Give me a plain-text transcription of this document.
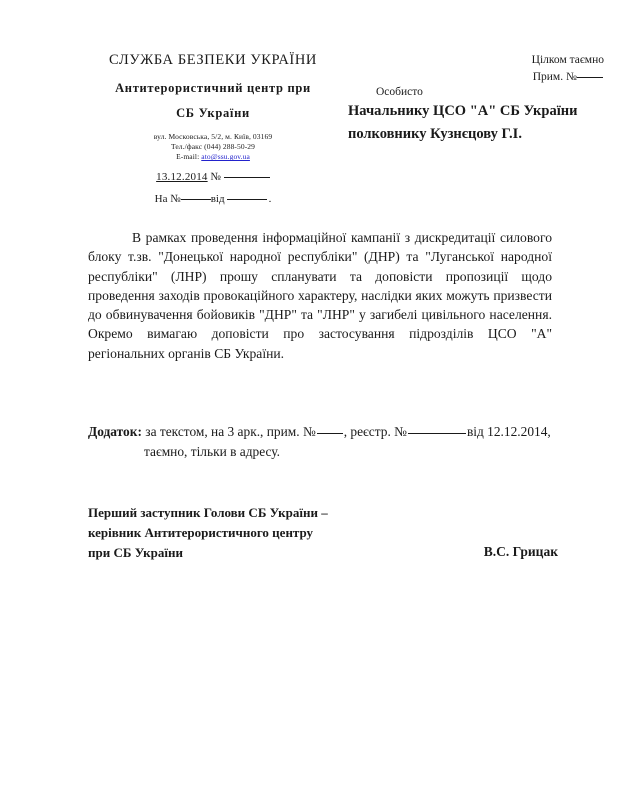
СЛУЖБА БЕЗПЕКИ УКРАЇНИ
Антитерористичний центр при
СБ України
вул. Московська, 5/2, м. Київ, 03169
Тел./факс (044) 288-50-29
E-mail: ato@ssu.gov.ua
13.12.2014 №
На №	від	.
Цілком таємно
Прим. №
Особисто
Начальнику ЦСО "А" СБ України
полковнику Кузнєцову Г.І.
В рамках проведення інформаційної кампанії з дискредитації силового блоку т.зв. "Донецької народної республіки" (ДНР) та "Луганської народної республіки" (ЛНР) прошу спланувати та доповісти пропозиції щодо проведення заходів провокаційного характеру, наслідки яких можуть призвести до обвинувачення бойовиків "ДНР" та "ЛНР" у загибелі цивільного населення. Окремо вимагаю доповісти про застосування підрозділів ЦСО "А" регіональних органів СБ України.
Додаток: за текстом, на 3 арк., прим. № , реєстр. №	від 12.12.2014,
таємно, тільки в адресу.
Перший заступник Голови СБ України –
керівник Антитерористичного центру
при СБ України	В.С. Грицак
